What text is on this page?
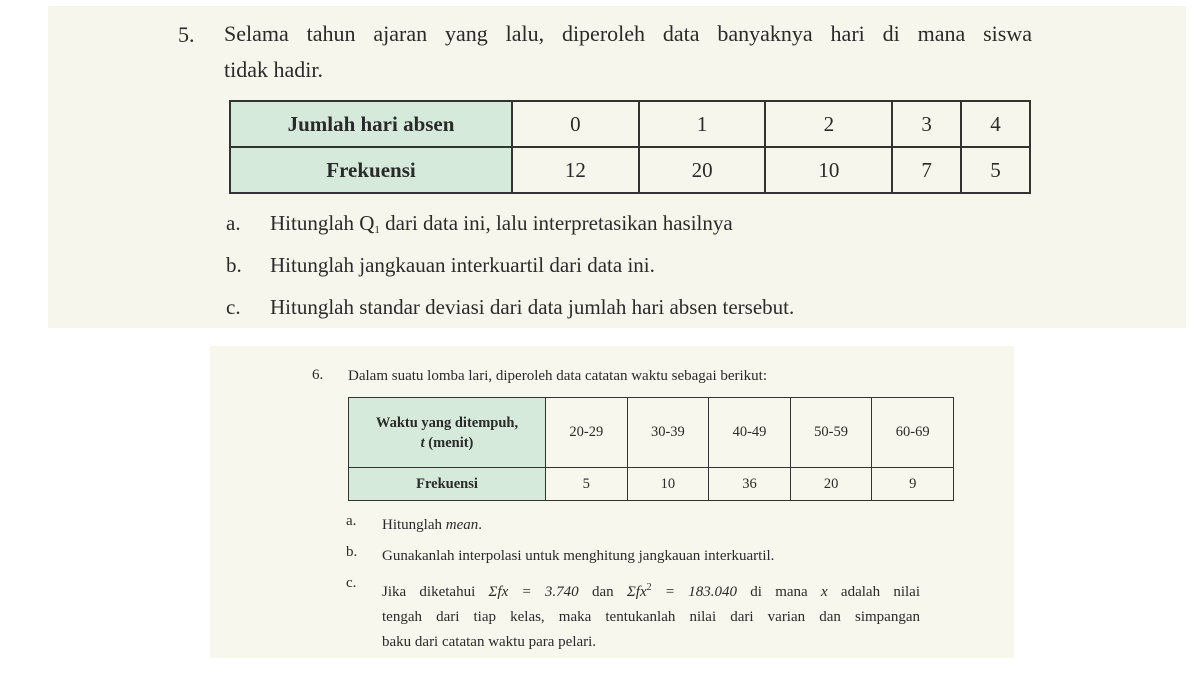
5. Selama tahun ajaran yang lalu, diperoleh data banyaknya hari di mana siswa
tidak hadir.
Jumlah hari absen	0	1	2	3	4
Frekuensi	12	20	10	7	5
a. Hitunglah $Q_1$ dari data ini, lalu interpretasikan hasilnya
b. Hitunglah jangkauan interkuartil dari data ini.
c. Hitunglah standar deviasi dari data jumlah hari absen tersebut.
6. Dalam suatu lomba lari, diperoleh data catatan waktu sebagai berikut:
Waktu yang ditempuh,
t (menit)	20-29	30-39	40-49	50-59	60-69
Frekuensi	5	10	36	20	9
a. Hitunglah mean.
b. Gunakanlah interpolasi untuk menghitung jangkauan interkuartil.
c.
Jika diketahui Σfx = 3.740 dan Σfx$^2$ = 183.040 di mana x adalah nilai
tengah dari tiap kelas, maka tentukanlah nilai dari varian dan simpangan
baku dari catatan waktu para pelari.
